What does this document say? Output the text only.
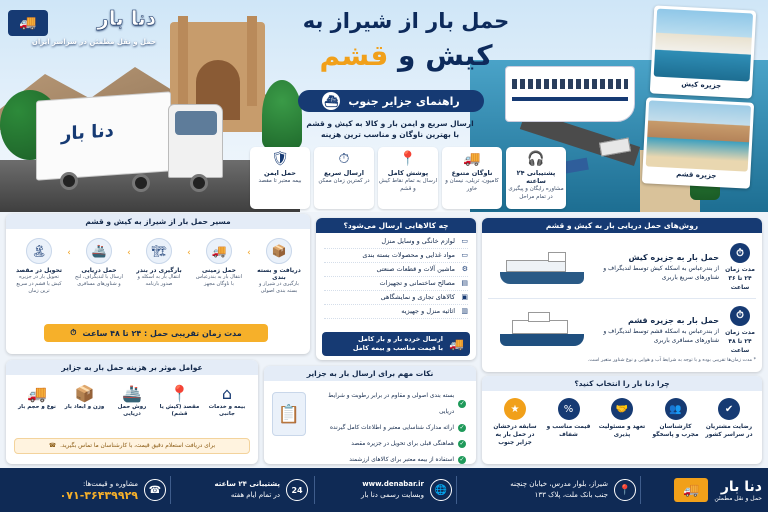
دنا بار
جزیره کیش
جزیره قشم
🚚	دنا بار
حمل و نقل مطمئن در سراسر ایران
حمل بار از شیراز به
کیش و قشم
راهنمای جزایر جنوب
⛴
ارسال سریع و ایمن بار و کالا به کیش و قشم
با بهترین ناوگان و مناسب ترین هزینه
🎧
پشتیبانی ۲۴ ساعته
مشاوره رایگان و پیگیری در تمام مراحل
🚚
ناوگان متنوع
کامیون، تریلی، نیسان و خاور
📍
پوشش کامل
ارسال به تمام نقاط کیش و قشم
⏱
ارسال سریع
در کمترین زمان ممکن
🛡
حمل ایمن
بیمه معتبر تا مقصد
مسیر حمل بار از شیراز به کیش و قشم
📦
دریافت و بسته بندی
بارگیری در شیراز و بسته بندی اصولی
‹
🚚
حمل زمینی
انتقال بار به بندرعباس با ناوگان مجهز
‹
🏗
بارگیری در بندر
انتقال بار به اسکله و صدور بارنامه
‹
🚢
حمل دریایی
ارسال با لندیگراف، لنج و شناورهای مسافری
‹
🏝
تحویل در مقصد
تحویل بار در جزیره کیش یا قشم در سریع ترین زمان
مدت زمان تقریبی حمل : ۲۴ تا ۴۸ ساعت
⏱
چه کالاهایی ارسال می‌شود؟
▭
لوازم خانگی و وسایل منزل
▭
مواد غذایی و محصولات بسته بندی
⚙
ماشین آلات و قطعات صنعتی
▤
مصالح ساختمانی و تجهیزات
▣
کالاهای تجاری و نمایشگاهی
▥
اثاثیه منزل و جهیزیه
🚚
ارسال خرده بار و بار کامل
با قیمت مناسب و بیمه کامل
روش‌های حمل دریایی بار به کیش و قشم
⏱
مدت زمان
۲۴ تا ۳۶ ساعت
حمل بار به جزیره کیش
از بندرعباس به اسکله کیش توسط لندیگراف و شناورهای سریع باربری
⏱
مدت زمان
۲۴ تا ۴۸ ساعت
حمل بار به جزیره قشم
از بندرعباس به اسکله قشم توسط لندیگراف و شناورهای مسافری باربری
* مدت زمان‌ها تقریبی بوده و با توجه به شرایط آب و هوایی و نوع شناور متغیر است.
عوامل موثر بر هزینه حمل بار به جزایر
🚚
نوع و حجم بار
📦
وزن و ابعاد بار
🚢
روش حمل دریایی
📍
مقصد (کیش یا قشم)
⌂
بیمه و خدمات جانبی
برای دریافت استعلام دقیق قیمت، با کارشناسان ما تماس بگیرید.
☎
نکات مهم برای ارسال بار به جزایر
📋	✓
بسته بندی اصولی و مقاوم در برابر رطوبت و شرایط دریایی
✓
ارائه مدارک شناسایی معتبر و اطلاعات کامل گیرنده
✓
هماهنگی قبلی برای تحویل در جزیره مقصد
✓
استفاده از بیمه معتبر برای کالاهای ارزشمند
چرا دنا بار را انتخاب کنید؟
★
سابقه درخشان در حمل بار به جزایر جنوب
%
قیمت مناسب و شفاف
🤝
تعهد و مسئولیت پذیری
👥
کارشناسان مجرب و پاسخگو
✔
رضایت مشتریان در سراسر کشور
دنا بار
حمل و نقل مطمئن
🚚
📍
شیراز، بلوار مدرس، خیابان چنچنه
جنب بانک ملت، پلاک ۱۳۳
🌐
www.denabar.ir
وبسایت رسمی دنا بار
24
پشتیبانی ۲۴ ساعته
در تمام ایام هفته
☎
مشاوره و قیمت‌ها:
۰۷۱-۳۶۴۳۹۹۲۹
